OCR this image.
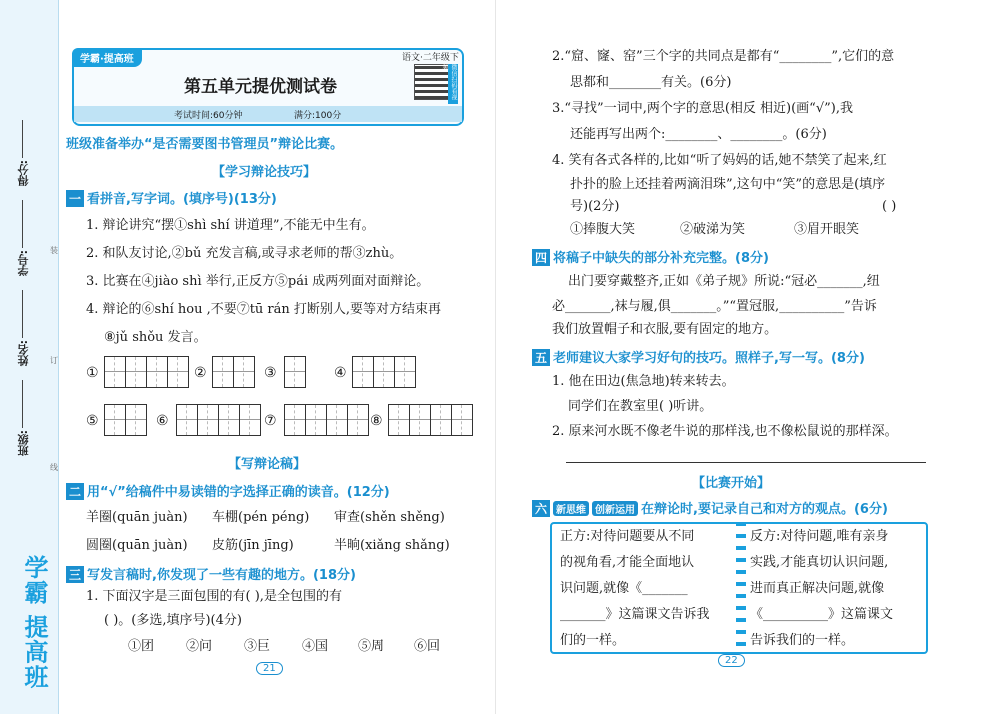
得分:
学号:
姓名:
班级:
装
订
线
学霸 提高班
学霸·提高班	语文·二年级下
第五单元提优测试卷	微信扫码看视频
考试时间:60分钟	满分:100分
班级准备举办“是否需要图书管理员”辩论比赛。
【学习辩论技巧】
一 看拼音,写字词。(填序号)(13分)
1. 辩论讲究“摆①shì shí 讲道理”,不能无中生有。
2. 和队友讨论,②bǔ 充发言稿,或寻求老师的帮③zhù。
3. 比赛在④jiào shì 举行,正反方⑤pái 成两列面对面辩论。
4. 辩论的⑥shí hou ,不要⑦tū rán 打断别人,要等对方结束再
⑧jǔ shǒu 发言。
①	②	③	④
⑤	⑥	⑦	⑧
【写辩论稿】
二 用“√”给稿件中易读错的字选择正确的读音。(12分)
羊圈(quān juàn) 车棚(pén péng) 审查(shěn shěng)
圆圈(quān juàn) 皮筋(jīn jīng)	半晌(xiǎng shǎng)
三 写发言稿时,你发现了一些有趣的地方。(18分)
1. 下面汉字是三面包围的有( ),是全包围的有
( )。(多选,填序号)(4分)
①团 ②问 ③巨 ④国 ⑤周 ⑥回
21
2.“窟、窿、窑”三个字的共同点是都有“________”,它们的意
思都和________有关。(6分)
3.“寻找”一词中,两个字的意思(相反 相近)(画“√”),我
还能再写出两个:________、________。(6分)
4. 笑有各式各样的,比如“听了妈妈的话,她不禁笑了起来,红
扑扑的脸上还挂着两滴泪珠”,这句中“笑”的意思是(填序
号)(2分)	( )
①捧腹大笑	②破涕为笑	③眉开眼笑
四 将稿子中缺失的部分补充完整。(8分)
出门要穿戴整齐,正如《弟子规》所说:“冠必_______,纽
必_______,袜与履,俱_______。”“置冠服,__________”告诉
我们放置帽子和衣服,要有固定的地方。
五 老师建议大家学习好句的技巧。照样子,写一写。(8分)
1. 他在田边(焦急地)转来转去。
同学们在教室里( )听讲。
2. 原来河水既不像老牛说的那样浅,也不像松鼠说的那样深。
【比赛开始】
六 新思维 创新运用 在辩论时,要记录自己和对方的观点。(6分)
正方:对待问题要从不同
的视角看,才能全面地认
识问题,就像《_______
_______》这篇课文告诉我
们的一样。
反方:对待问题,唯有亲身
实践,才能真切认识问题,
进而真正解决问题,就像
《__________》这篇课文
告诉我们的一样。
22
